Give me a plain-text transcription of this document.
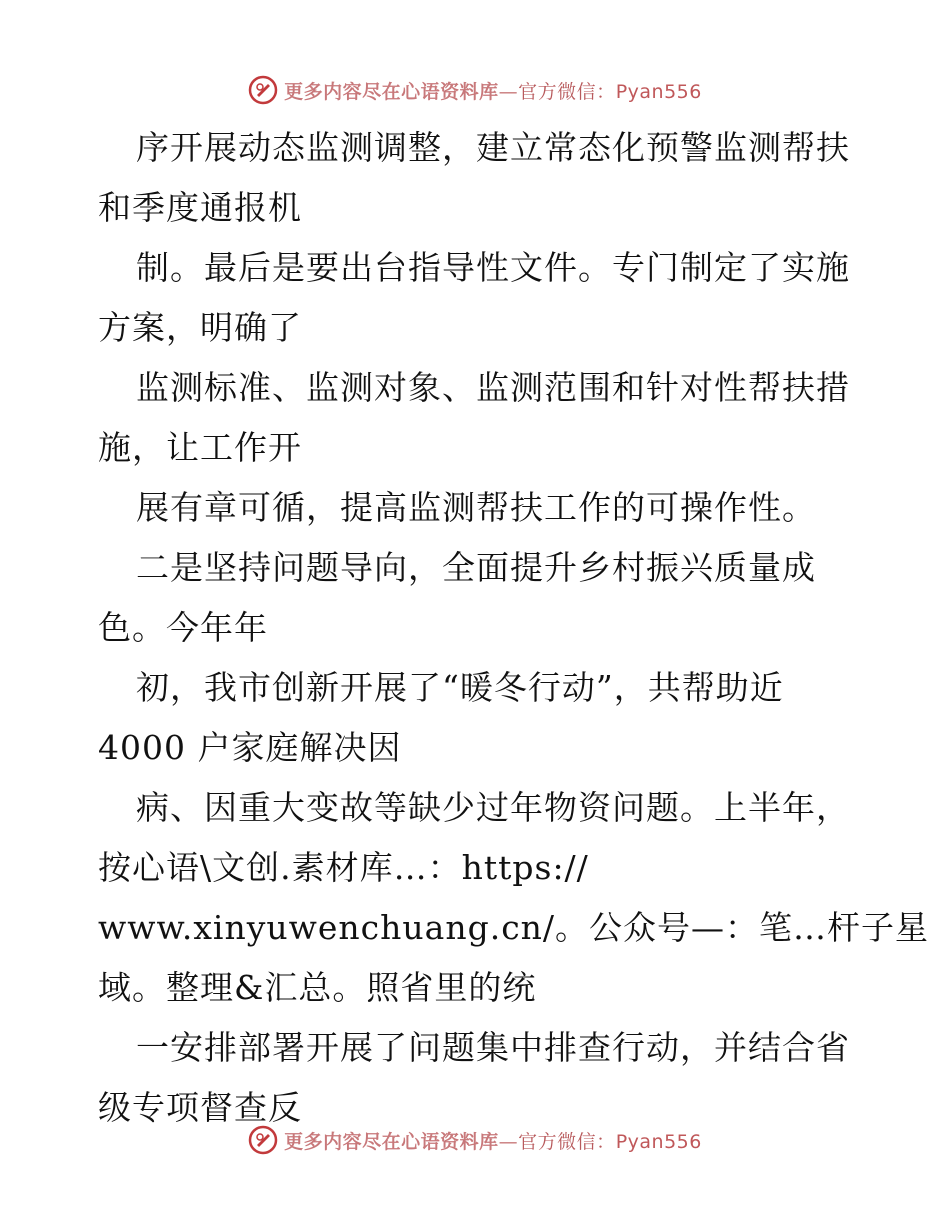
更多内容尽在心语资料库—官方微信：Pyan556
序开展动态监测调整，建立常态化预警监测帮扶
和季度通报机
制。最后是要出台指导性文件。专门制定了实施
方案，明确了
监测标准、监测对象、监测范围和针对性帮扶措
施，让工作开
展有章可循，提高监测帮扶工作的可操作性。
二是坚持问题导向，全面提升乡村振兴质量成
色。今年年
初，我市创新开展了“暖冬行动”，共帮助近
4000 户家庭解决因
病、因重大变故等缺少过年物资问题。上半年，
按心语\文创.素材库…：https://
www.xinyuwenchuang.cn/。公众号—：笔…杆子星
域。整理&汇总。照省里的统
一安排部署开展了问题集中排查行动，并结合省
级专项督查反
更多内容尽在心语资料库—官方微信：Pyan556
